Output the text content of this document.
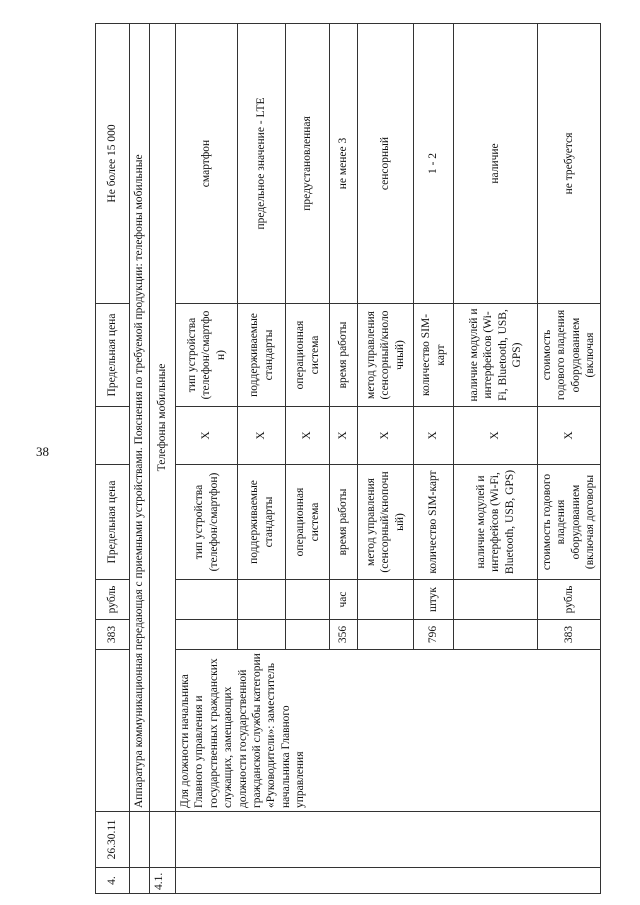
38
4.	26.30.11		383	рубль	Предельная цена		Предельная цена	Не более 15 000
		Аппаратура коммуникационная передающая с приемными устройствами. Пояснения по требуемой продукции: телефоны мобильные						
4.1.		Телефоны мобильные						
		Для должности начальника Главного управления и государственных гражданских служащих, замещающих должности государственной гражданской службы категории «Руководители»: заместитель начальника Главного управления			тип устройства (телефон/смартфон)	X	тип устройства (телефон/смартфо н)	смартфон
					поддерживаемые стандарты	X	поддерживаемые стандарты	предельное значение - LTE
					операционная система	X	операционная система	предустановленная
			356	час	время работы	X	время работы	не менее 3
					метод управления (сенсорный/кнопочн ый)	X	метод управления (сенсорный/кноло чный)	сенсорный
			796	штук	количество SIM-карт	X	количество SIM-карт	1 - 2
					наличие модулей и интерфейсов (Wi-Fi, Bluetooth, USB, GPS)	X	наличие модулей и интерфейсов (Wi-Fi, Bluetooth, USB, GPS)	наличие
			383	рубль	стоимость годового владения оборудованием (включая договоры	X	стоимость годового владения оборудованием (включая	не требуется
